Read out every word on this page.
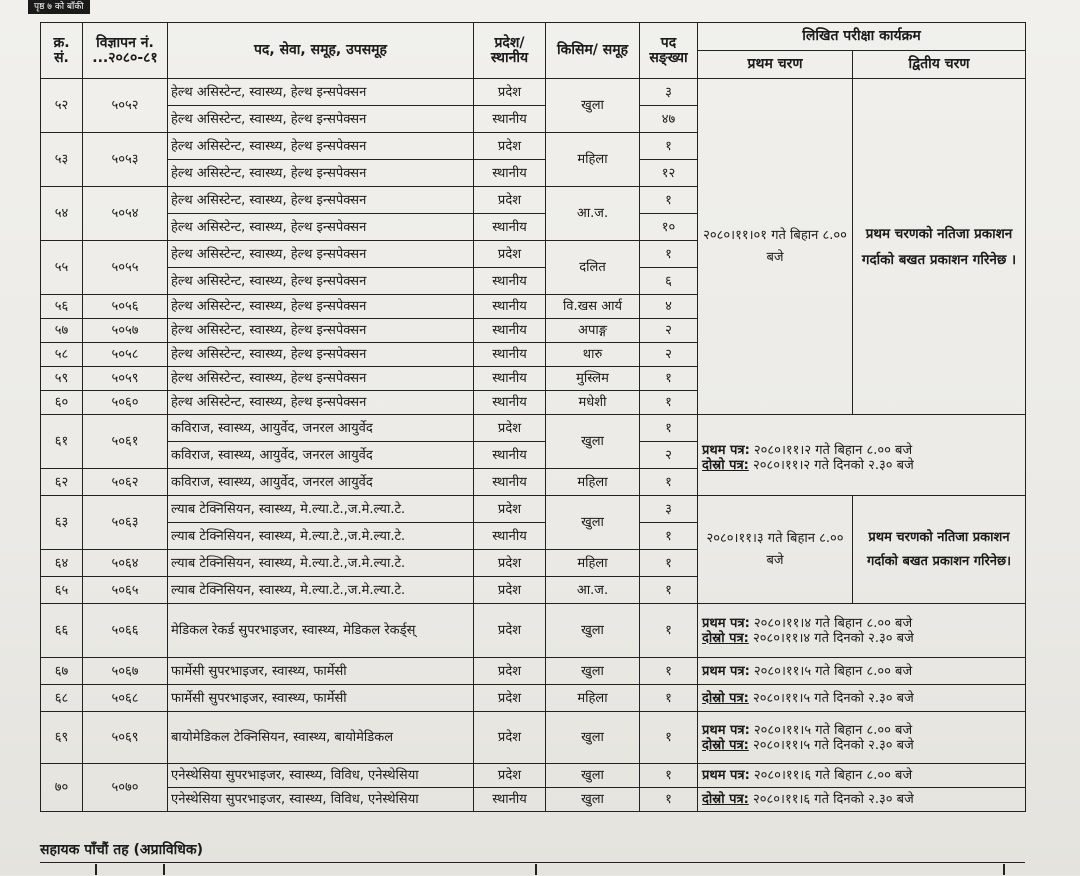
पृष्ठ ७ को बाँकी
क्र. सं.	विज्ञापन नं. ...२०८०-८१	पद, सेवा, समूह, उपसमूह	प्रदेश/ स्थानीय	किसिम/ समूह	पद सङ्ख्या	लिखित परीक्षा कार्यक्रम	
						प्रथम चरण	द्वितीय चरण
५२	५०५२	हेल्थ असिस्टेन्ट, स्वास्थ्य, हेल्थ इन्सपेक्सन	प्रदेश	खुला	३	२०८०।११।०१ गते बिहान ८.०० बजे	प्रथम चरणको नतिजा प्रकाशन गर्दाको बखत प्रकाशन गरिनेछ ।
		हेल्थ असिस्टेन्ट, स्वास्थ्य, हेल्थ इन्सपेक्सन	स्थानीय		४७		
५३	५०५३	हेल्थ असिस्टेन्ट, स्वास्थ्य, हेल्थ इन्सपेक्सन	प्रदेश	महिला	१		
		हेल्थ असिस्टेन्ट, स्वास्थ्य, हेल्थ इन्सपेक्सन	स्थानीय		१२		
५४	५०५४	हेल्थ असिस्टेन्ट, स्वास्थ्य, हेल्थ इन्सपेक्सन	प्रदेश	आ.ज.	१		
		हेल्थ असिस्टेन्ट, स्वास्थ्य, हेल्थ इन्सपेक्सन	स्थानीय		१०		
५५	५०५५	हेल्थ असिस्टेन्ट, स्वास्थ्य, हेल्थ इन्सपेक्सन	प्रदेश	दलित	१		
		हेल्थ असिस्टेन्ट, स्वास्थ्य, हेल्थ इन्सपेक्सन	स्थानीय		६		
५६	५०५६	हेल्थ असिस्टेन्ट, स्वास्थ्य, हेल्थ इन्सपेक्सन	स्थानीय	वि.खस आर्य	४		
५७	५०५७	हेल्थ असिस्टेन्ट, स्वास्थ्य, हेल्थ इन्सपेक्सन	स्थानीय	अपाङ्ग	२		
५८	५०५८	हेल्थ असिस्टेन्ट, स्वास्थ्य, हेल्थ इन्सपेक्सन	स्थानीय	थारु	२		
५९	५०५९	हेल्थ असिस्टेन्ट, स्वास्थ्य, हेल्थ इन्सपेक्सन	स्थानीय	मुस्लिम	१		
६०	५०६०	हेल्थ असिस्टेन्ट, स्वास्थ्य, हेल्थ इन्सपेक्सन	स्थानीय	मधेशी	१		
६१	५०६१	कविराज, स्वास्थ्य, आयुर्वेद, जनरल आयुर्वेद	प्रदेश	खुला	१	प्रथम पत्र: २०८०।११।२ गते बिहान ८.०० बजे
दोस्रो पत्र: २०८०।११।२ गते दिनको २.३० बजे	

		कविराज, स्वास्थ्य, आयुर्वेद, जनरल आयुर्वेद	स्थानीय		२		
६२	५०६२	कविराज, स्वास्थ्य, आयुर्वेद, जनरल आयुर्वेद	स्थानीय	महिला	१		
६३	५०६३	ल्याब टेक्निसियन, स्वास्थ्य, मे.ल्या.टे.,ज.मे.ल्या.टे.	प्रदेश	खुला	३	२०८०।११।३ गते बिहान ८.०० बजे	प्रथम चरणको नतिजा प्रकाशन गर्दाको बखत प्रकाशन गरिनेछ।
		ल्याब टेक्निसियन, स्वास्थ्य, मे.ल्या.टे.,ज.मे.ल्या.टे.	स्थानीय		१		
६४	५०६४	ल्याब टेक्निसियन, स्वास्थ्य, मे.ल्या.टे.,ज.मे.ल्या.टे.	प्रदेश	महिला	१		
६५	५०६५	ल्याब टेक्निसियन, स्वास्थ्य, मे.ल्या.टे.,ज.मे.ल्या.टे.	प्रदेश	आ.ज.	१		
६६	५०६६	मेडिकल रेकर्ड सुपरभाइजर, स्वास्थ्य, मेडिकल रेकर्ड्स्	प्रदेश	खुला	१	प्रथम पत्र: २०८०।११।४ गते बिहान ८.०० बजे
दोस्रो पत्र: २०८०।११।४ गते दिनको २.३० बजे	

६७	५०६७	फार्मेसी सुपरभाइजर, स्वास्थ्य, फार्मेसी	प्रदेश	खुला	१	प्रथम पत्र: २०८०।११।५ गते बिहान ८.०० बजे	
६८	५०६८	फार्मेसी सुपरभाइजर, स्वास्थ्य, फार्मेसी	प्रदेश	महिला	१	दोस्रो पत्र: २०८०।११।५ गते दिनको २.३० बजे	
६९	५०६९	बायोमेडिकल टेक्निसियन, स्वास्थ्य, बायोमेडिकल	प्रदेश	खुला	१	प्रथम पत्र: २०८०।११।५ गते बिहान ८.०० बजे
दोस्रो पत्र: २०८०।११।५ गते दिनको २.३० बजे	

७०	५०७०	एनेस्थेसिया सुपरभाइजर, स्वास्थ्य, विविध, एनेस्थेसिया	प्रदेश	खुला	१	प्रथम पत्र: २०८०।११।६ गते बिहान ८.०० बजे	
		एनेस्थेसिया सुपरभाइजर, स्वास्थ्य, विविध, एनेस्थेसिया	स्थानीय	खुला	१	दोस्रो पत्र: २०८०।११।६ गते दिनको २.३० बजे	
सहायक पाँचौं तह (अप्राविधिक)
